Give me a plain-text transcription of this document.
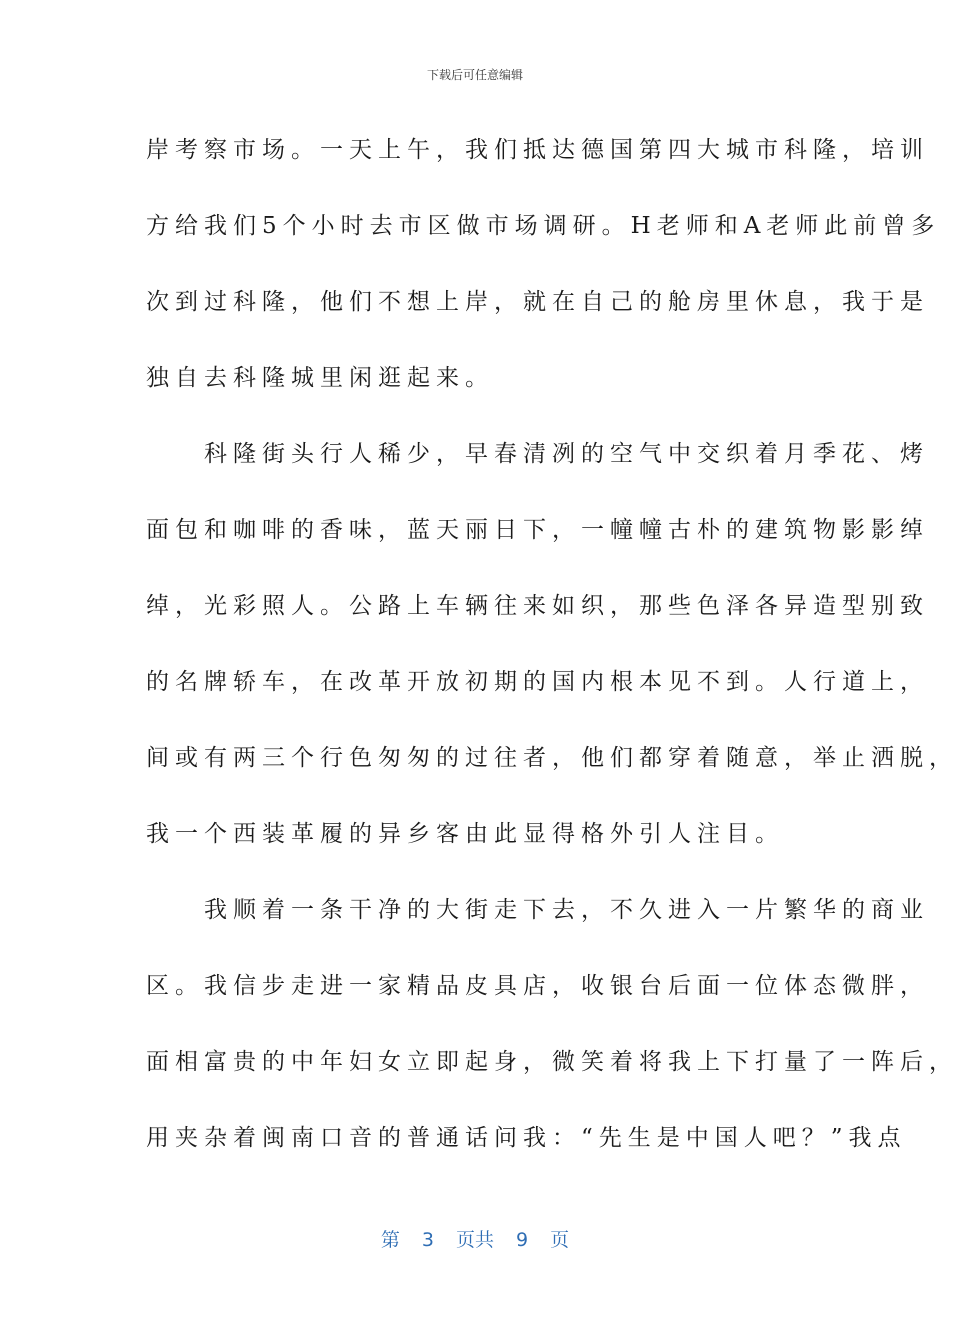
下载后可任意编辑
岸考察市场。一天上午，我们抵达德国第四大城市科隆，培训
方给我们5个小时去市区做市场调研。H老师和A老师此前曾多
次到过科隆，他们不想上岸，就在自己的舱房里休息，我于是
独自去科隆城里闲逛起来。
　　科隆街头行人稀少，早春清冽的空气中交织着月季花、烤
面包和咖啡的香味，蓝天丽日下，一幢幢古朴的建筑物影影绰
绰，光彩照人。公路上车辆往来如织，那些色泽各异造型别致
的名牌轿车，在改革开放初期的国内根本见不到。人行道上，
间或有两三个行色匆匆的过往者，他们都穿着随意，举止洒脱，
我一个西装革履的异乡客由此显得格外引人注目。
　　我顺着一条干净的大街走下去，不久进入一片繁华的商业
区。我信步走进一家精品皮具店，收银台后面一位体态微胖，
面相富贵的中年妇女立即起身，微笑着将我上下打量了一阵后，
用夹杂着闽南口音的普通话问我：“先生是中国人吧？”我点
第 3 页共 9 页
